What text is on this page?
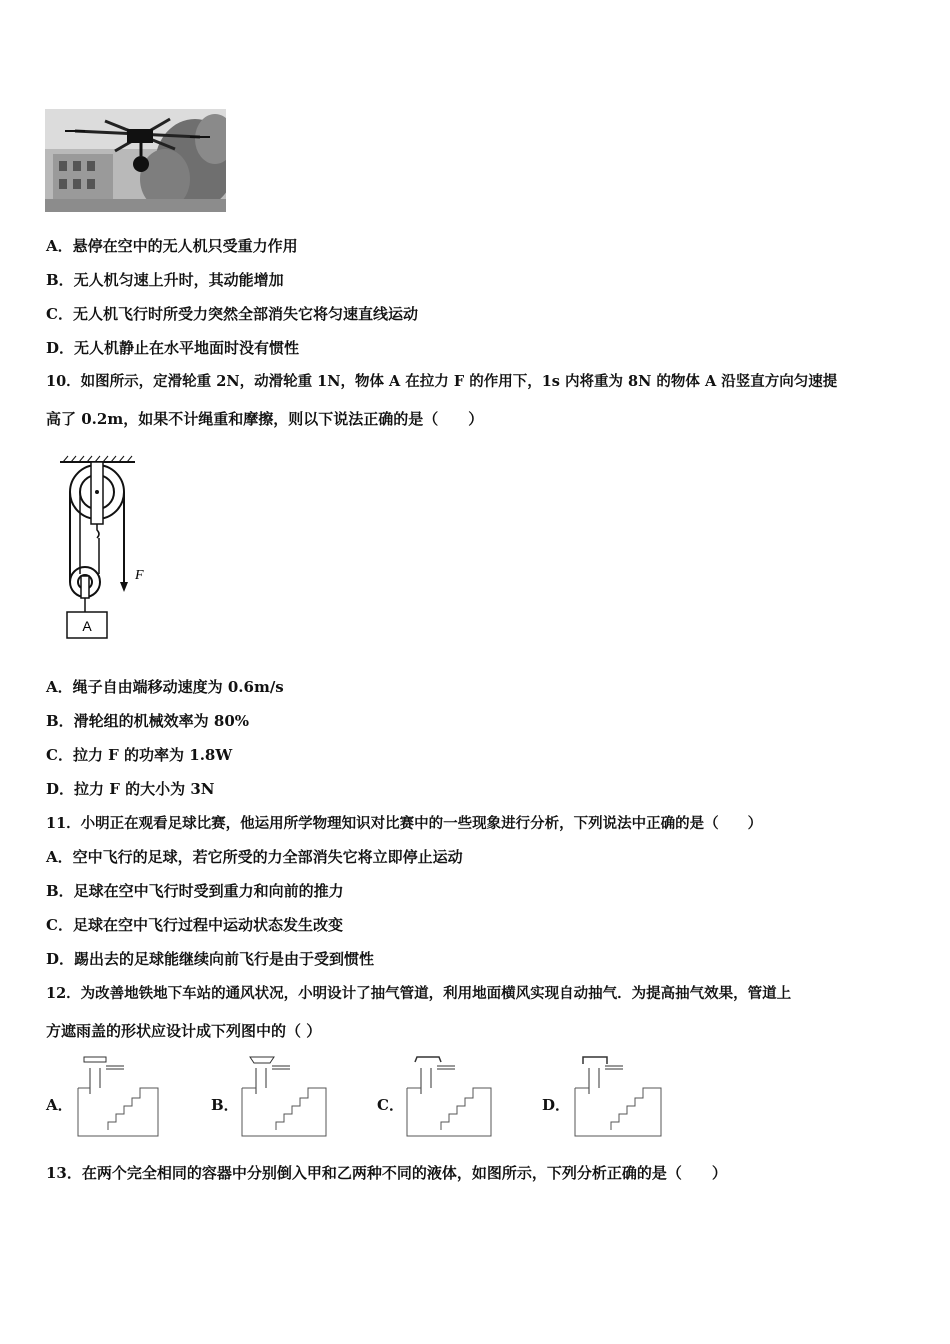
A．悬停在空中的无人机只受重力作用
B．无人机匀速上升时，其动能增加
C．无人机飞行时所受力突然全部消失它将匀速直线运动
D．无人机静止在水平地面时没有惯性
10．如图所示，定滑轮重 2N，动滑轮重 1N，物体 A 在拉力 F 的作用下，1s 内将重为 8N 的物体 A 沿竖直方向匀速提
高了 0.2m，如果不计绳重和摩擦，则以下说法正确的是（　　）
A
F
A．绳子自由端移动速度为 0.6m/s
B．滑轮组的机械效率为 80%
C．拉力 F 的功率为 1.8W
D．拉力 F 的大小为 3N
11．小明正在观看足球比赛，他运用所学物理知识对比赛中的一些现象进行分析，下列说法中正确的是（　　）
A．空中飞行的足球，若它所受的力全部消失它将立即停止运动
B．足球在空中飞行时受到重力和向前的推力
C．足球在空中飞行过程中运动状态发生改变
D．踢出去的足球能继续向前飞行是由于受到惯性
12．为改善地铁地下车站的通风状况，小明设计了抽气管道，利用地面横风实现自动抽气．为提高抽气效果，管道上
方遮雨盖的形状应设计成下列图中的（ ）
A．	B．	C．	D．
13．在两个完全相同的容器中分别倒入甲和乙两种不同的液体，如图所示，下列分析正确的是（　　）
